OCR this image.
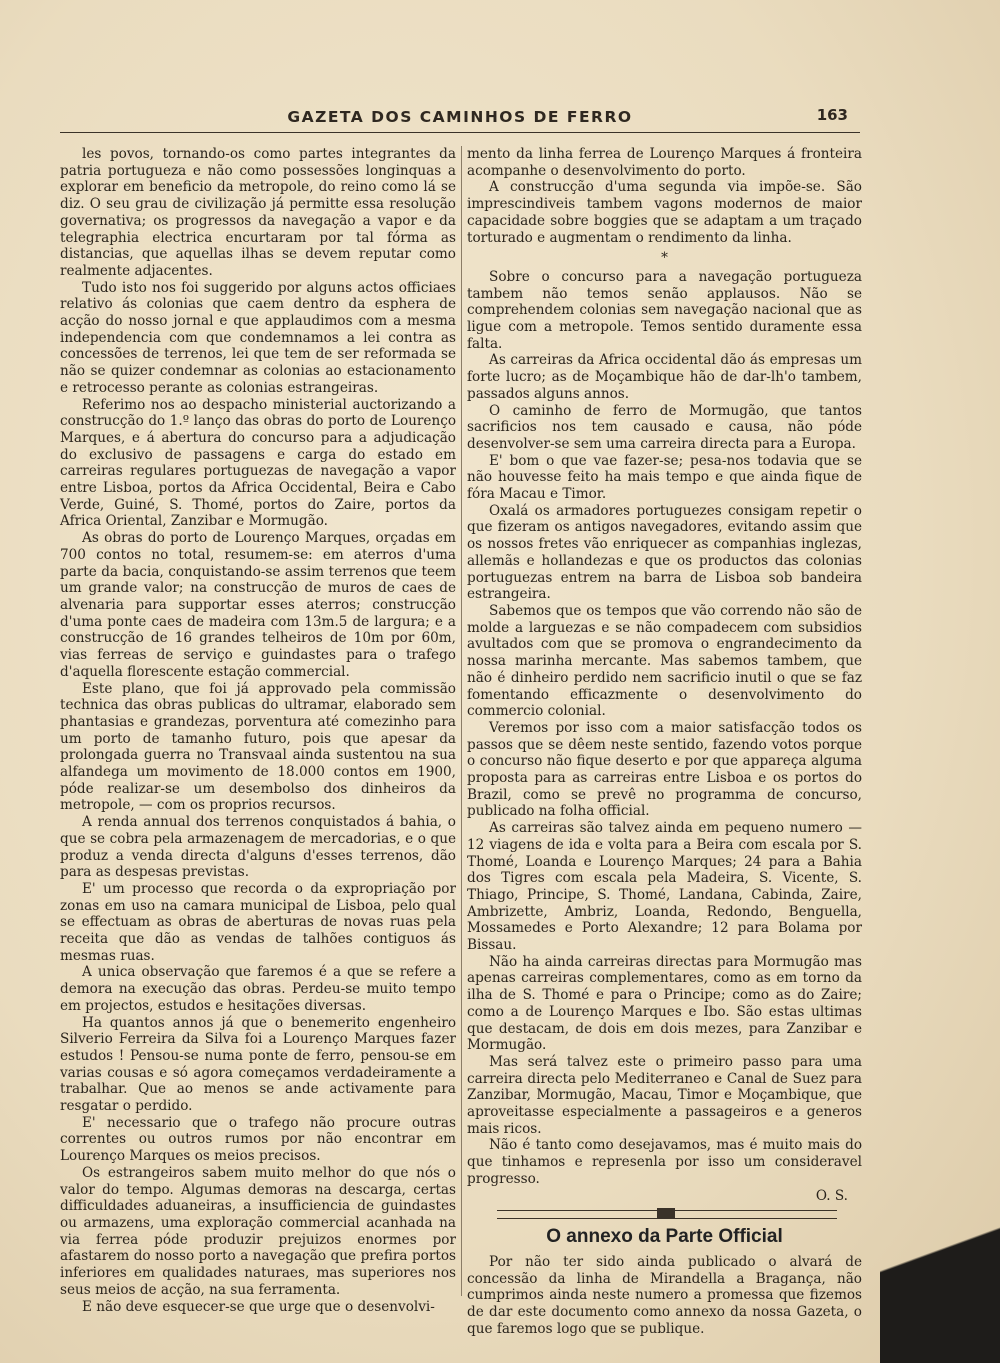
GAZETA DOS CAMINHOS DE FERRO	163

les povos, tornando-os como partes integrantes da patria portugueza e não como possessões longinquas a explorar em beneficio da metropole, do reino como lá se diz. O seu grau de civilização já permitte essa resolução governativa; os progressos da navegação a vapor e da telegraphia electrica encurtaram por tal fórma as distancias, que aquellas ilhas se devem reputar como realmente adjacentes.

Tudo isto nos foi suggerido por alguns actos officiaes relativo ás colonias que caem dentro da esphera de acção do nosso jornal e que applaudimos com a mesma independencia com que condemnamos a lei contra as concessões de terrenos, lei que tem de ser reformada se não se quizer condemnar as colonias ao estacionamento e retrocesso perante as colonias estrangeiras.

Referimo nos ao despacho ministerial auctorizando a construcção do 1.º lanço das obras do porto de Lourenço Marques, e á abertura do concurso para a adjudicação do exclusivo de passagens e carga do estado em carreiras regulares portuguezas de navegação a vapor entre Lisboa, portos da Africa Occidental, Beira e Cabo Verde, Guiné, S. Thomé, portos do Zaire, portos da Africa Oriental, Zanzibar e Mormugão.

As obras do porto de Lourenço Marques, orçadas em 700 contos no total, resumem-se: em aterros d'uma parte da bacia, conquistando-se assim terrenos que teem um grande valor; na construcção de muros de caes de alvenaria para supportar esses aterros; construcção d'uma ponte caes de madeira com 13m.5 de largura; e a construcção de 16 grandes telheiros de 10m por 60m, vias ferreas de serviço e guindastes para o trafego d'aquella florescente estação commercial.

Este plano, que foi já approvado pela commissão technica das obras publicas do ultramar, elaborado sem phantasias e grandezas, porventura até comezinho para um porto de tamanho futuro, pois que apesar da prolongada guerra no Transvaal ainda sustentou na sua alfandega um movimento de 18.000 contos em 1900, póde realizar-se um desembolso dos dinheiros da metropole, — com os proprios recursos.

A renda annual dos terrenos conquistados á bahia, o que se cobra pela armazenagem de mercadorias, e o que produz a venda directa d'alguns d'esses terrenos, dão para as despesas previstas.

E' um processo que recorda o da expropriação por zonas em uso na camara municipal de Lisboa, pelo qual se effectuam as obras de aberturas de novas ruas pela receita que dão as vendas de talhões contiguos ás mesmas ruas.

A unica observação que faremos é a que se refere a demora na execução das obras. Perdeu-se muito tempo em projectos, estudos e hesitações diversas.

Ha quantos annos já que o benemerito engenheiro Silverio Ferreira da Silva foi a Lourenço Marques fazer estudos ! Pensou-se numa ponte de ferro, pensou-se em varias cousas e só agora começamos verdadeiramente a trabalhar. Que ao menos se ande activamente para resgatar o perdido.

E' necessario que o trafego não procure outras correntes ou outros rumos por não encontrar em Lourenço Marques os meios precisos.

Os estrangeiros sabem muito melhor do que nós o valor do tempo. Algumas demoras na descarga, certas difficuldades aduaneiras, a insufficiencia de guindastes ou armazens, uma exploração commercial acanhada na via ferrea póde produzir prejuizos enormes por afastarem do nosso porto a navegação que prefira portos inferiores em qualidades naturaes, mas superiores nos seus meios de acção, na sua ferramenta.

E não deve esquecer-se que urge que o desenvolvi-

mento da linha ferrea de Lourenço Marques á fronteira acompanhe o desenvolvimento do porto.

A construcção d'uma segunda via impõe-se. São imprescindiveis tambem vagons modernos de maior capacidade sobre boggies que se adaptam a um traçado torturado e augmentam o rendimento da linha.

*

Sobre o concurso para a navegação portugueza tambem não temos senão applausos. Não se comprehendem colonias sem navegação nacional que as ligue com a metropole. Temos sentido duramente essa falta.

As carreiras da Africa occidental dão ás empresas um forte lucro; as de Moçambique hão de dar-lh'o tambem, passados alguns annos.

O caminho de ferro de Mormugão, que tantos sacrificios nos tem causado e causa, não póde desenvolver-se sem uma carreira directa para a Europa.

E' bom o que vae fazer-se; pesa-nos todavia que se não houvesse feito ha mais tempo e que ainda fique de fóra Macau e Timor.

Oxalá os armadores portuguezes consigam repetir o que fizeram os antigos navegadores, evitando assim que os nossos fretes vão enriquecer as companhias inglezas, allemãs e hollandezas e que os productos das colonias portuguezas entrem na barra de Lisboa sob bandeira estrangeira.

Sabemos que os tempos que vão correndo não são de molde a larguezas e se não compadecem com subsidios avultados com que se promova o engrandecimento da nossa marinha mercante. Mas sabemos tambem, que não é dinheiro perdido nem sacrificio inutil o que se faz fomentando efficazmente o desenvolvimento do commercio colonial.

Veremos por isso com a maior satisfacção todos os passos que se dêem neste sentido, fazendo votos porque o concurso não fique deserto e por que appareça alguma proposta para as carreiras entre Lisboa e os portos do Brazil, como se prevê no programma de concurso, publicado na folha official.

As carreiras são talvez ainda em pequeno numero —12 viagens de ida e volta para a Beira com escala por S. Thomé, Loanda e Lourenço Marques; 24 para a Bahia dos Tigres com escala pela Madeira, S. Vicente, S. Thiago, Principe, S. Thomé, Landana, Cabinda, Zaire, Ambrizette, Ambriz, Loanda, Redondo, Benguella, Mossamedes e Porto Alexandre; 12 para Bolama por Bissau.

Não ha ainda carreiras directas para Mormugão mas apenas carreiras complementares, como as em torno da ilha de S. Thomé e para o Principe; como as do Zaire; como a de Lourenço Marques e Ibo. São estas ultimas que destacam, de dois em dois mezes, para Zanzibar e Mormugão.

Mas será talvez este o primeiro passo para uma carreira directa pelo Mediterraneo e Canal de Suez para Zanzibar, Mormugão, Macau, Timor e Moçambique, que aproveitasse especialmente a passageiros e a generos mais ricos.

Não é tanto como desejavamos, mas é muito mais do que tinhamos e represenla por isso um consideravel progresso.

O. S.
O annexo da Parte Official

Por não ter sido ainda publicado o alvará de concessão da linha de Mirandella a Bragança, não cumprimos ainda neste numero a promessa que fizemos de dar este documento como annexo da nossa Gazeta, o que faremos logo que se publique.
